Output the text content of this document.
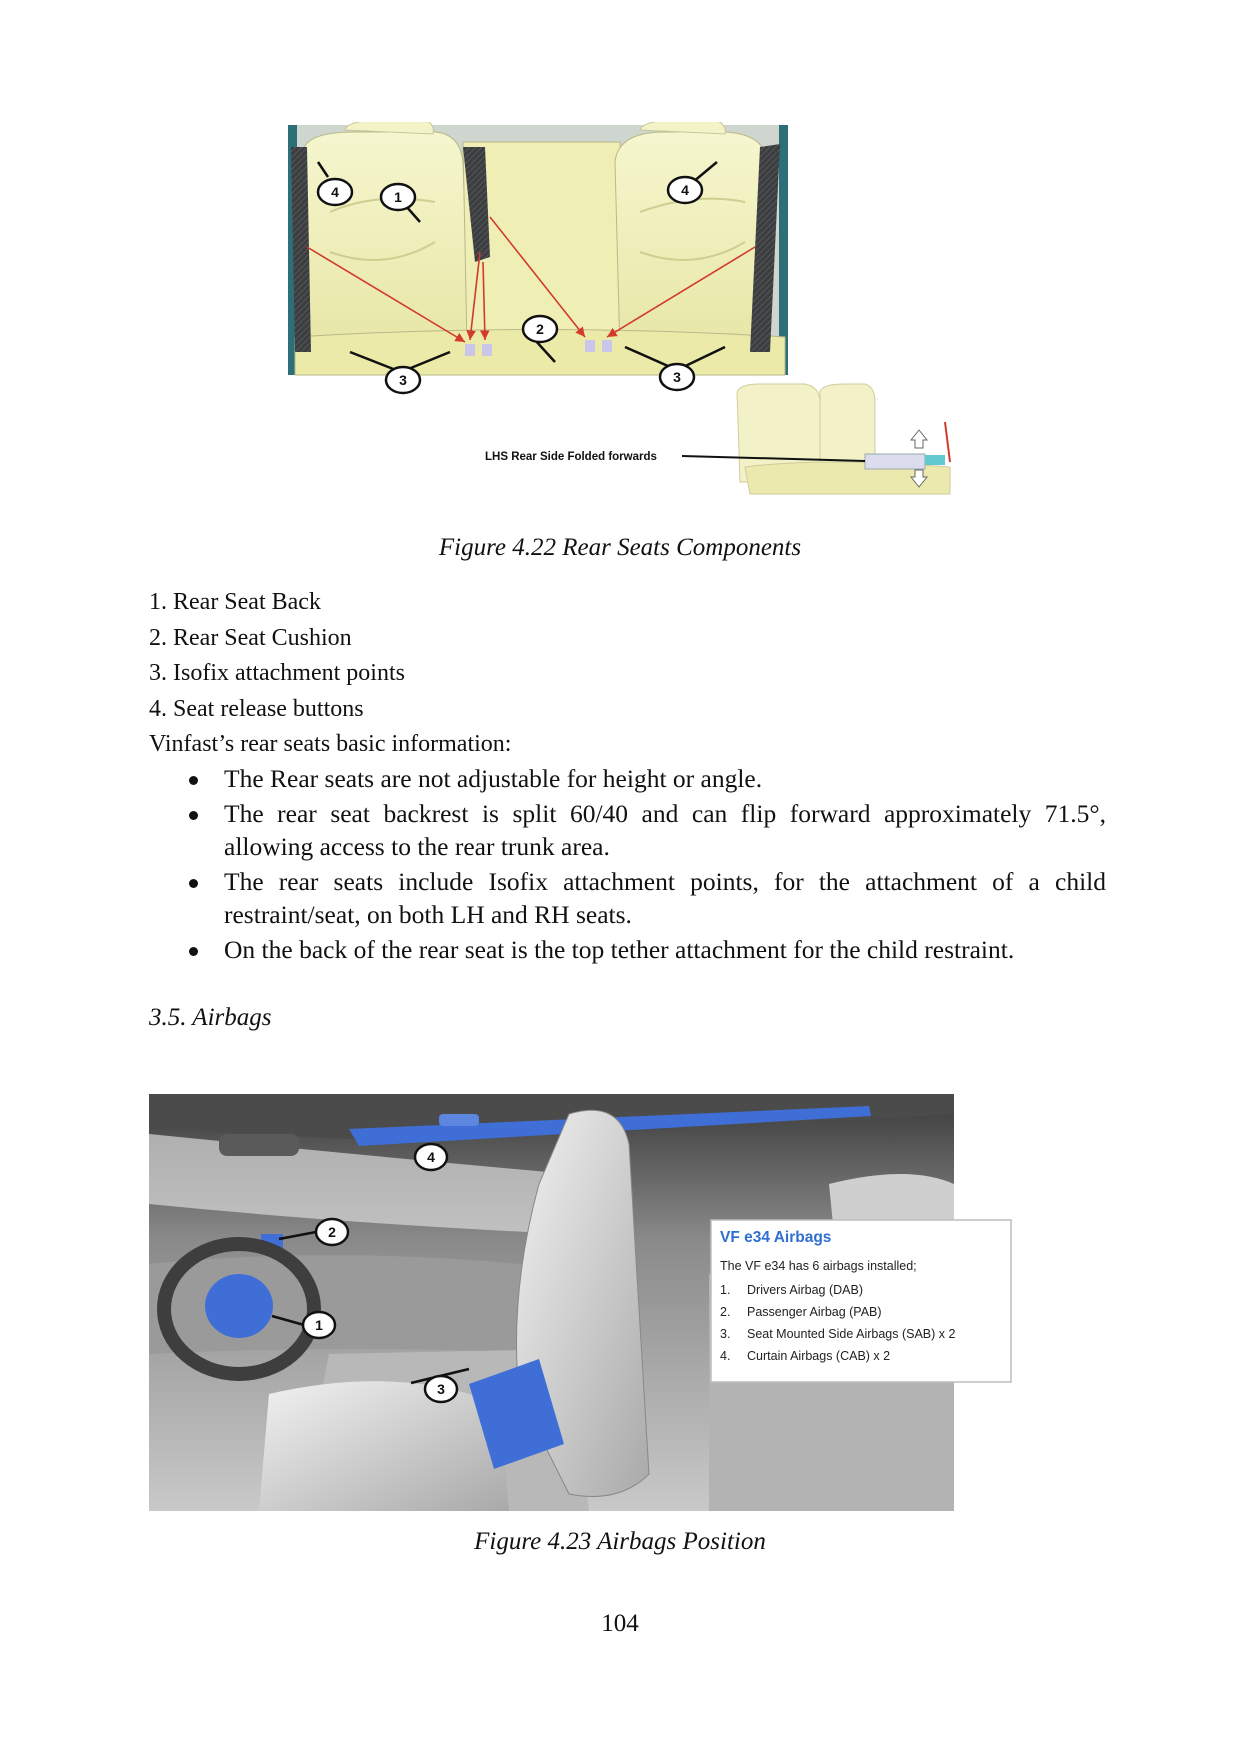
4	1
2
3	3
4
LHS Rear Side Folded forwards
Figure 4.22 Rear Seats Components
1. Rear Seat Back
2. Rear Seat Cushion
3. Isofix attachment points
4. Seat release buttons
Vinfast’s rear seats basic information:
The Rear seats are not adjustable for height or angle.
The rear seat backrest is split 60/40 and can flip forward approximately 71.5°, allowing access to the rear trunk area.
The rear seats include Isofix attachment points, for the attachment of a child restraint/seat, on both LH and RH seats.
On the back of the rear seat is the top tether attachment for the child restraint.
3.5. Airbags
4
2
1
3
VF e34 Airbags
The VF e34 has 6 airbags installed;
1. Drivers Airbag (DAB)
2. Passenger Airbag (PAB)
3. Seat Mounted Side Airbags (SAB) x 2
4. Curtain Airbags (CAB) x 2
Figure 4.23 Airbags Position
104
